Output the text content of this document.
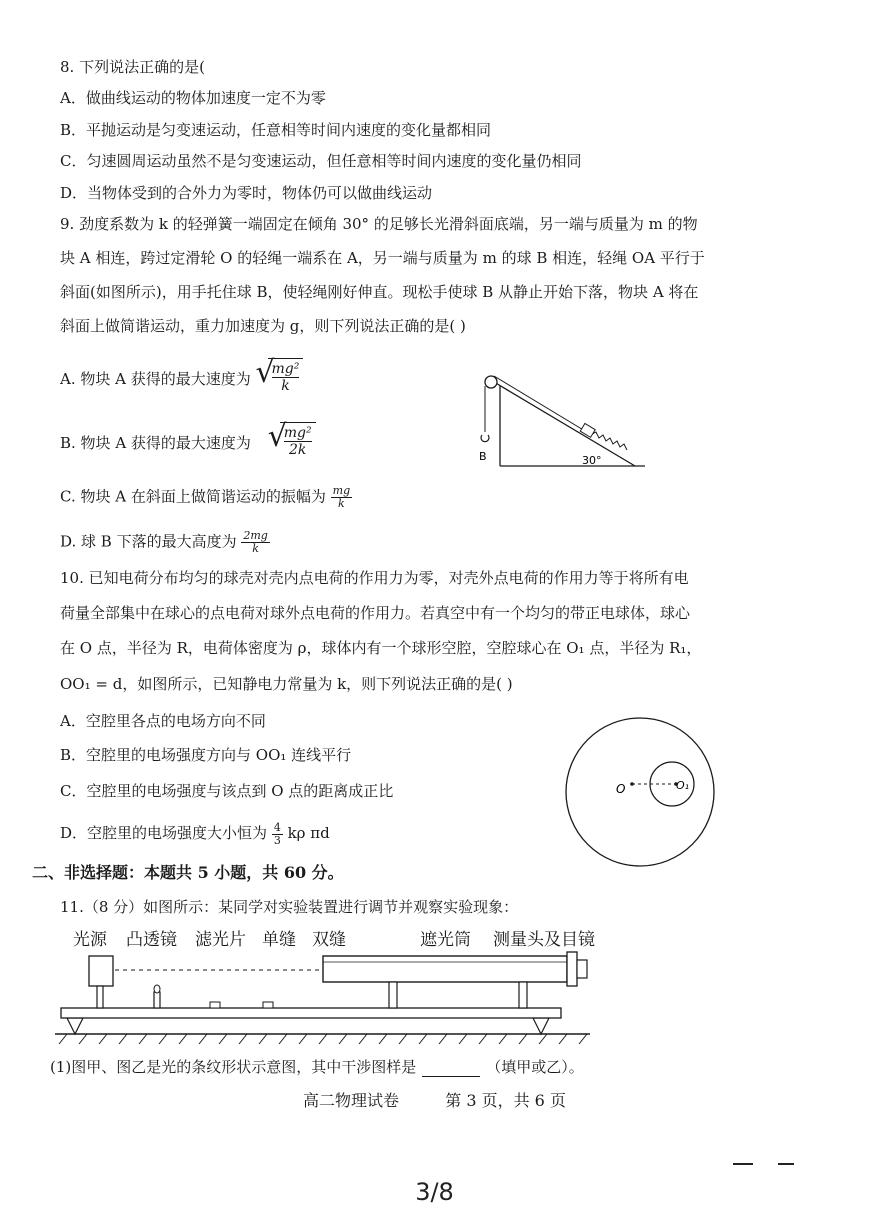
8. 下列说法正确的是(
A．做曲线运动的物体加速度一定不为零
B．平抛运动是匀变速运动，任意相等时间内速度的变化量都相同
C．匀速圆周运动虽然不是匀变速运动，但任意相等时间内速度的变化量仍相同
D．当物体受到的合外力为零时，物体仍可以做曲线运动
9. 劲度系数为 k 的轻弹簧一端固定在倾角 30° 的足够长光滑斜面底端，另一端与质量为 m 的物
块 A 相连，跨过定滑轮 O 的轻绳一端系在 A，另一端与质量为 m 的球 B 相连，轻绳 OA 平行于
斜面(如图所示)，用手托住球 B，使轻绳刚好伸直。现松手使球 B 从静止开始下落，物块 A 将在
斜面上做简谐运动，重力加速度为 g，则下列说法正确的是( )
A. 物块 A 获得的最大速度为 √
$\frac{\text{mg²}}{k}$
B. 物块 A 获得的最大速度为 √
$\frac{\text{mg²}}{2k}$
C. 物块 A 在斜面上做简谐运动的振幅为 $\frac{mg}{k}$
D. 球 B 下落的最大高度为 $\frac{2mg}{k}$
B	30°
10. 已知电荷分布均匀的球壳对壳内点电荷的作用力为零，对壳外点电荷的作用力等于将所有电
荷量全部集中在球心的点电荷对球外点电荷的作用力。若真空中有一个均匀的带正电球体，球心
在 O 点，半径为 R，电荷体密度为 ρ，球体内有一个球形空腔，空腔球心在 O₁ 点，半径为 R₁，
OO₁ = d，如图所示，已知静电力常量为 k，则下列说法正确的是( )
A．空腔里各点的电场方向不同
B．空腔里的电场强度方向与 OO₁ 连线平行
C．空腔里的电场强度与该点到 O 点的距离成正比
D．空腔里的电场强度大小恒为 $\frac{4}{3}$ kρ πd
O	O₁
二、非选择题：本题共 5 小题，共 60 分。
11.（8 分）如图所示：某同学对实验装置进行调节并观察实验现象：
光源 凸透镜 滤光片 单缝 双缝	遮光筒 测量头及目镜
(1)图甲、图乙是光的条纹形状示意图，其中干涉图样是	（填甲或乙）。
高二物理试卷	第 3 页，共 6 页
3/8
